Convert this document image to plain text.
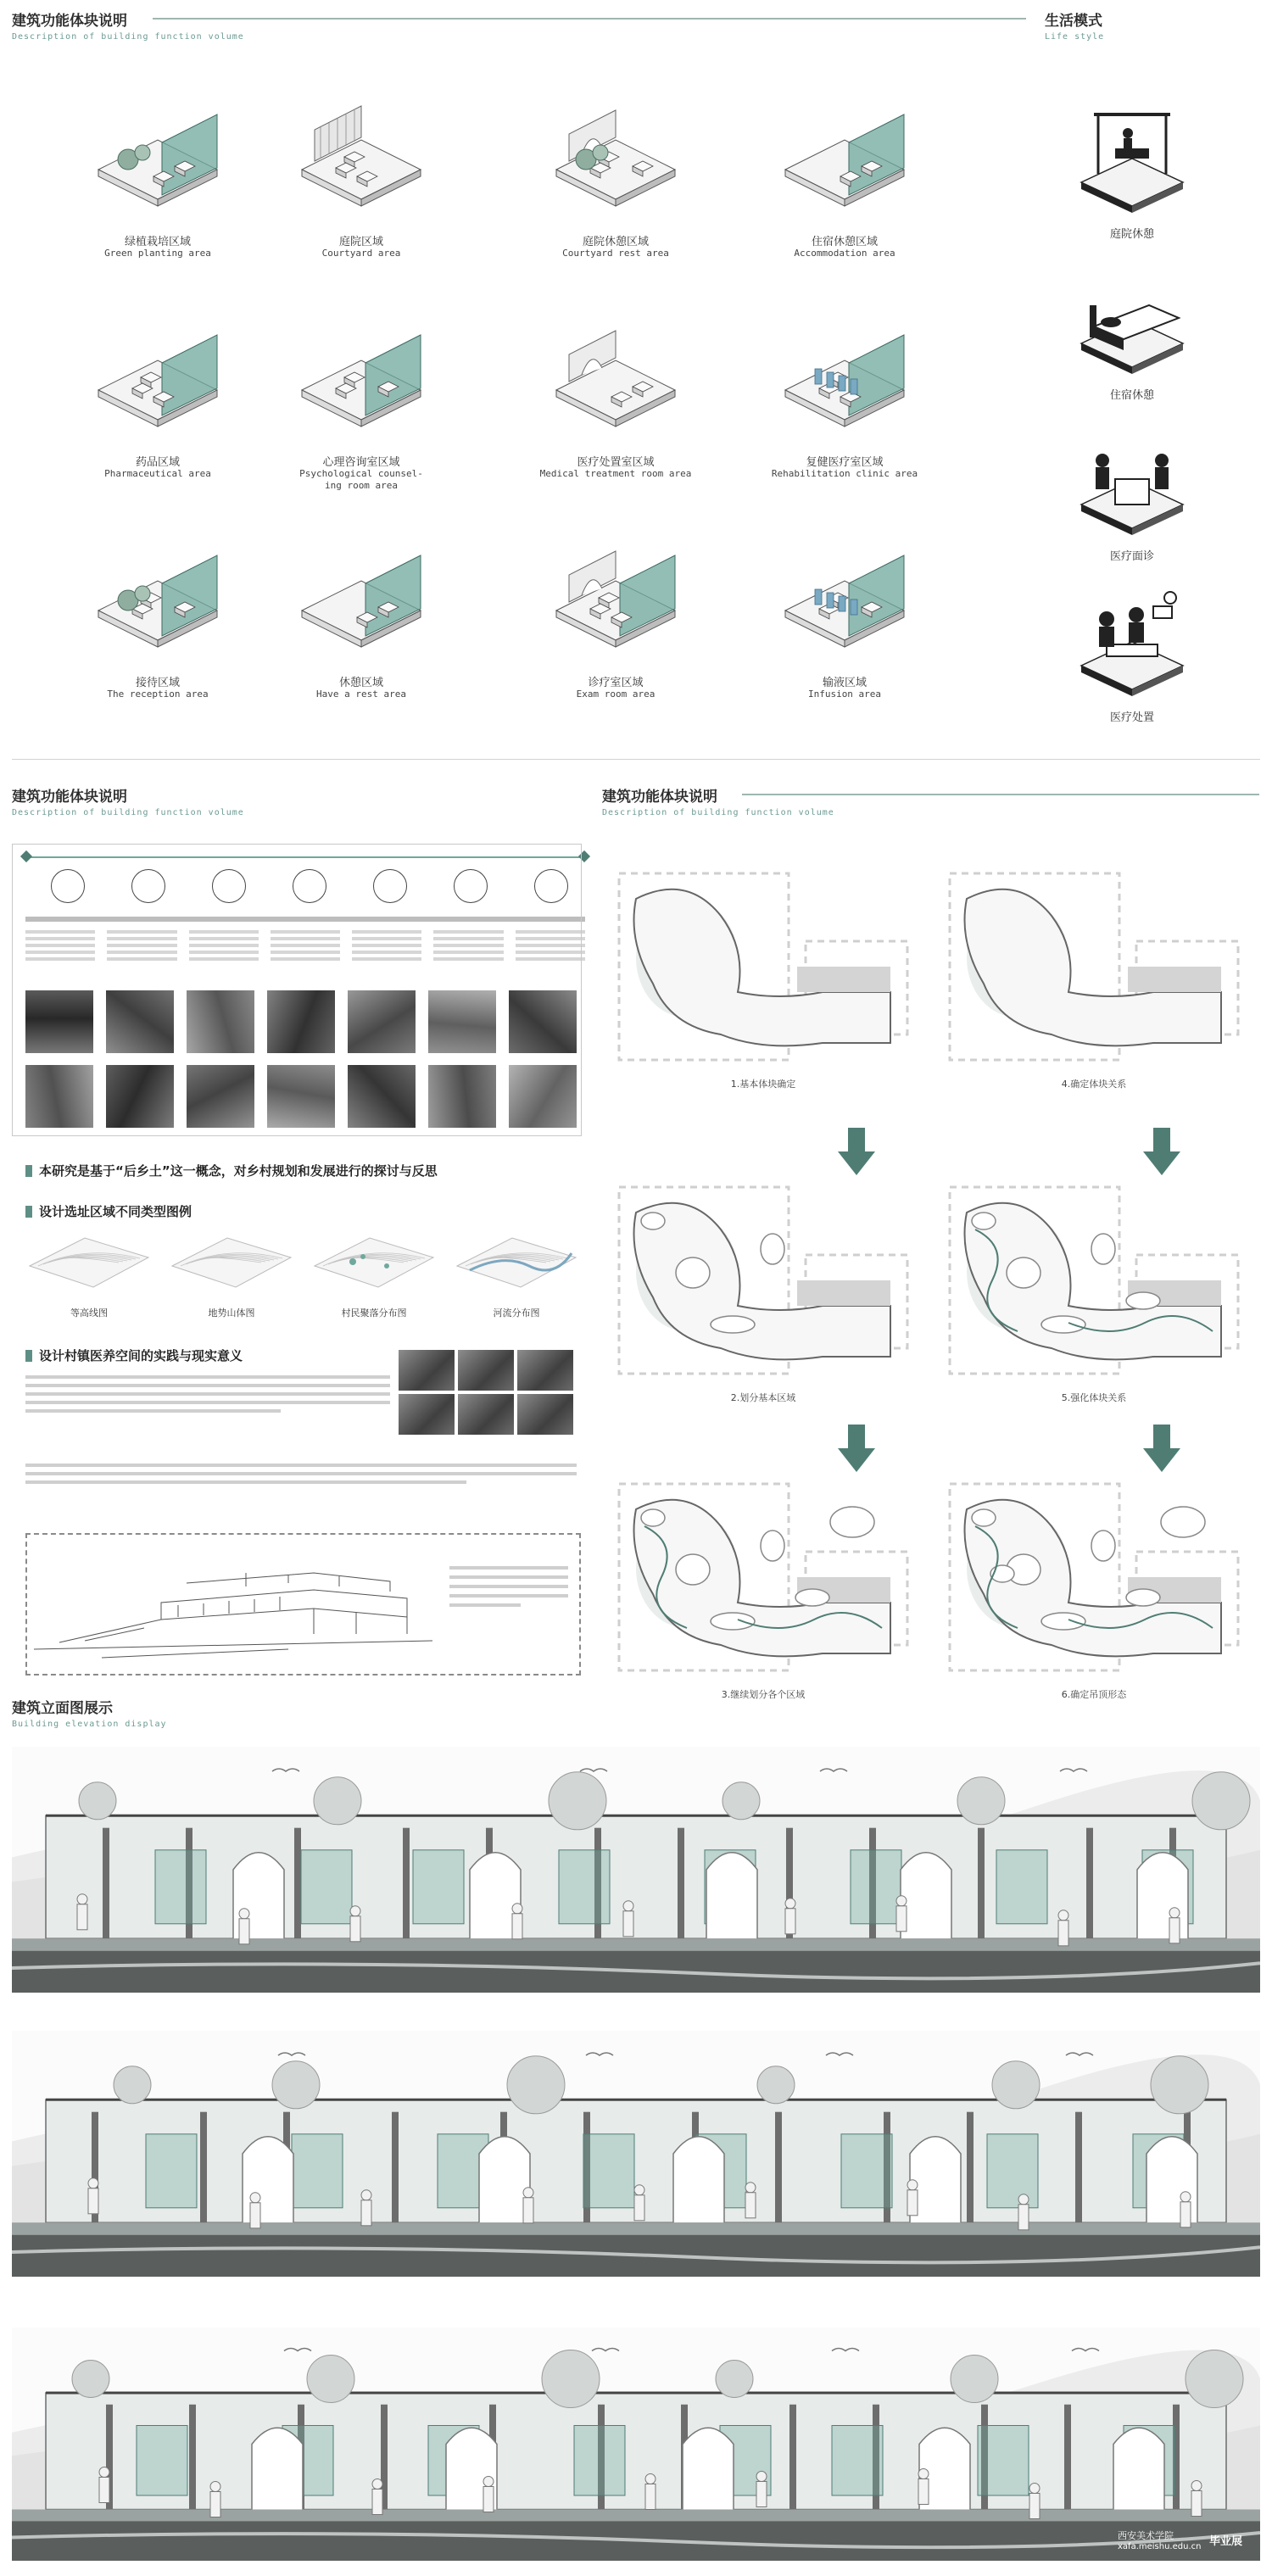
建筑功能体块说明
Description of building function volume
生活模式
Life style
绿植栽培区域
Green planting area
庭院区域
Courtyard area
庭院休憩区域
Courtyard rest area
住宿休憩区域
Accommodation area
药品区域
Pharmaceutical area
心理咨询室区域
Psychological counsel-
ing room area
医疗处置室区域
Medical treatment room area
复健医疗室区域
Rehabilitation clinic area
接待区域
The reception area
休憩区域
Have a rest area
诊疗室区域
Exam room area
输液区域
Infusion area
庭院休憩
住宿休憩
医疗面诊
医疗处置
建筑功能体块说明
Description of building function volume
本研究是基于“后乡土”这一概念，对乡村规划和发展进行的探讨与反思
设计选址区域不同类型图例
等高线图	地势山体图	村民聚落分布图	河流分布图
设计村镇医养空间的实践与现实意义
建筑功能体块说明
Description of building function volume
1.基本体块确定	4.确定体块关系
2.划分基本区域	5.强化体块关系
3.继续划分各个区域	6.确定吊顶形态
建筑立面图展示
Building elevation display
西安美术学院
xafa.meishu.edu.cn 毕业展
